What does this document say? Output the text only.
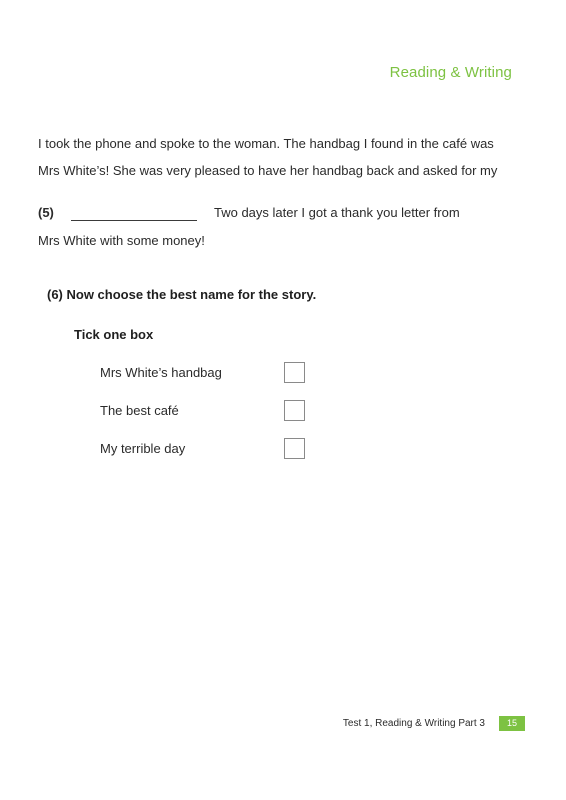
Reading & Writing
I took the phone and spoke to the woman. The handbag I found in the café was
Mrs White’s! She was very pleased to have her handbag back and asked for my
(5)	Two days later I got a thank you letter from
Mrs White with some money!
(6) Now choose the best name for the story.
Tick one box
Mrs White’s handbag
The best café
My terrible day
Test 1, Reading & Writing Part 3	15
